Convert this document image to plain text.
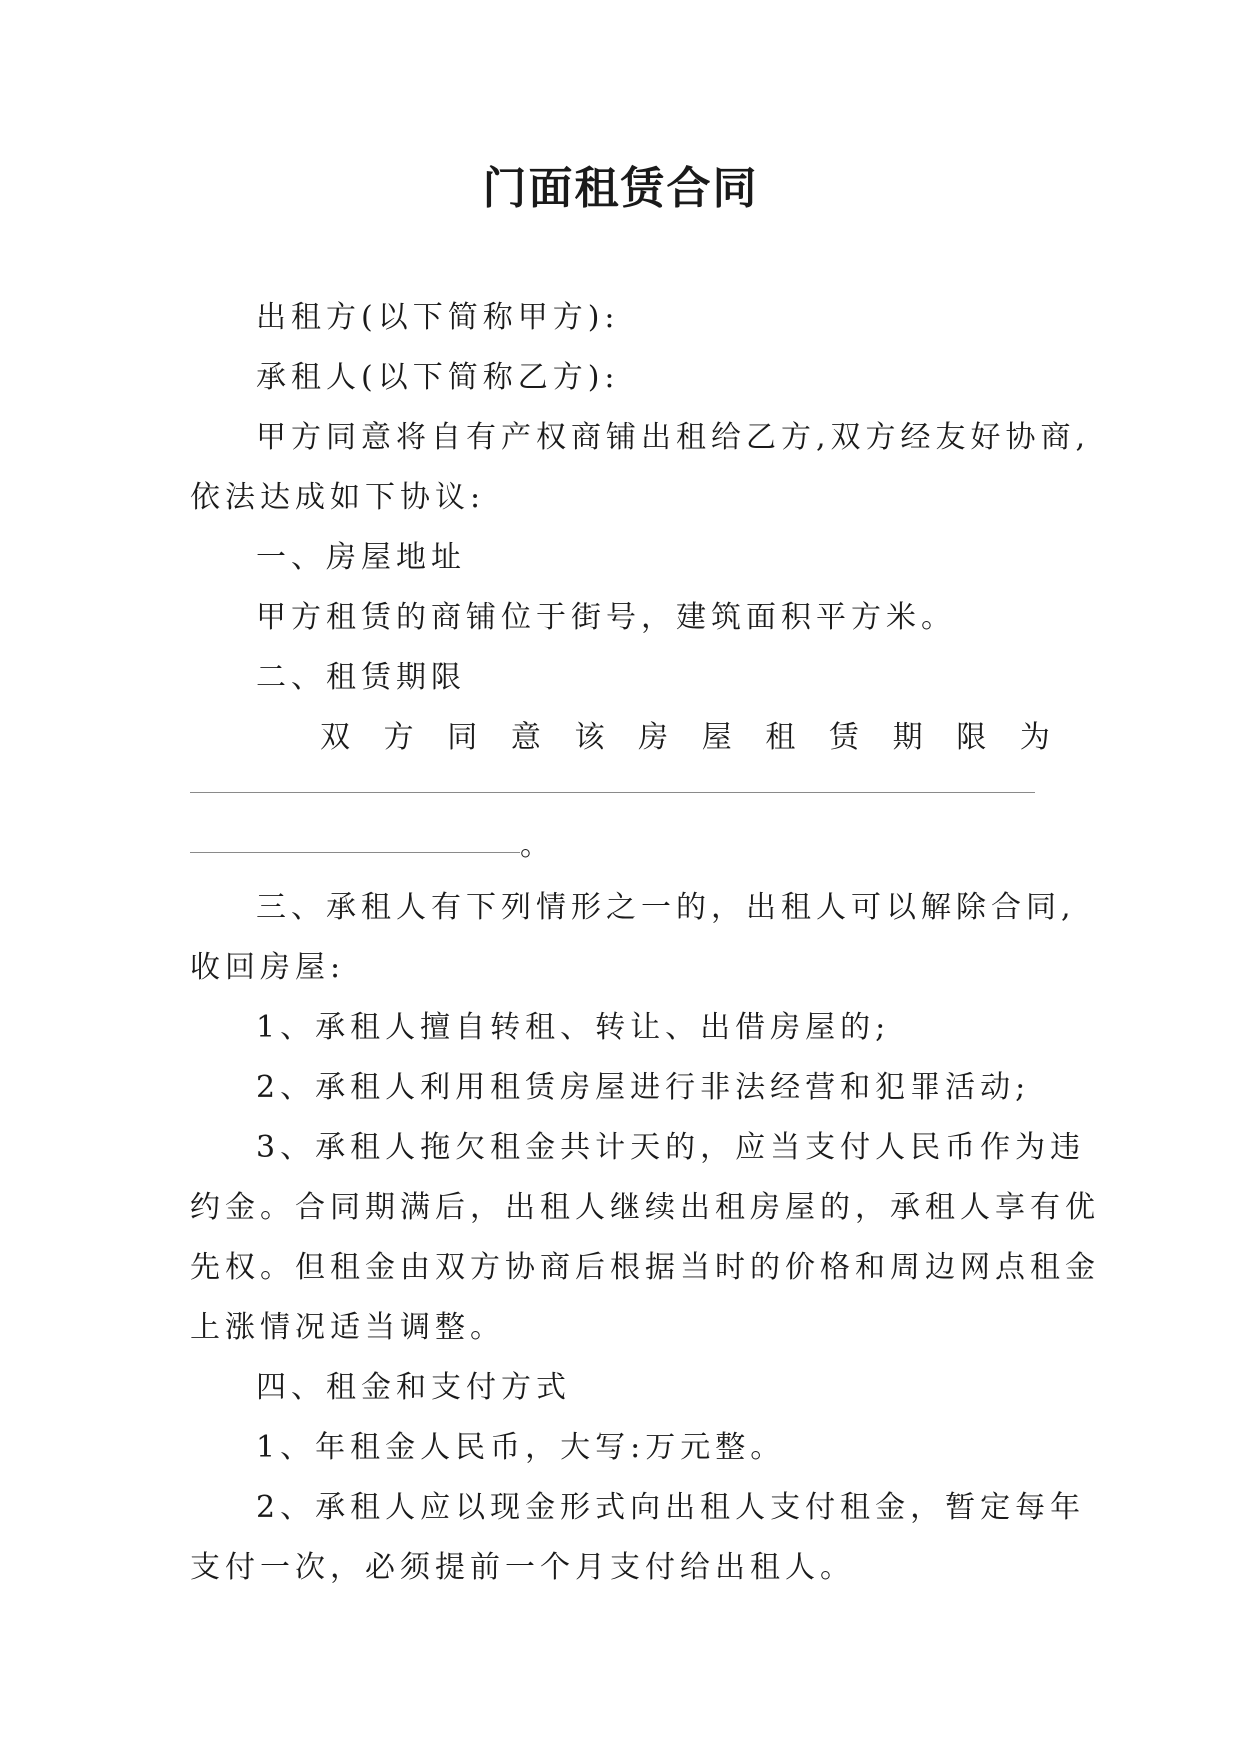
门面租赁合同
出租方(以下简称甲方):
承租人(以下简称乙方):
甲方同意将自有产权商铺出租给乙方,双方经友好协商,
依法达成如下协议:
一、房屋地址
甲方租赁的商铺位于街号，建筑面积平方米。
二、租赁期限
双 方 同 意 该 房 屋 租 赁 期 限 为
。
三、承租人有下列情形之一的，出租人可以解除合同,
收回房屋:
1、承租人擅自转租、转让、出借房屋的;
2、承租人利用租赁房屋进行非法经营和犯罪活动;
3、承租人拖欠租金共计天的，应当支付人民币作为违
约金。合同期满后，出租人继续出租房屋的，承租人享有优
先权。但租金由双方协商后根据当时的价格和周边网点租金
上涨情况适当调整。
四、租金和支付方式
1、年租金人民币，大写:万元整。
2、承租人应以现金形式向出租人支付租金，暂定每年
支付一次，必须提前一个月支付给出租人。
